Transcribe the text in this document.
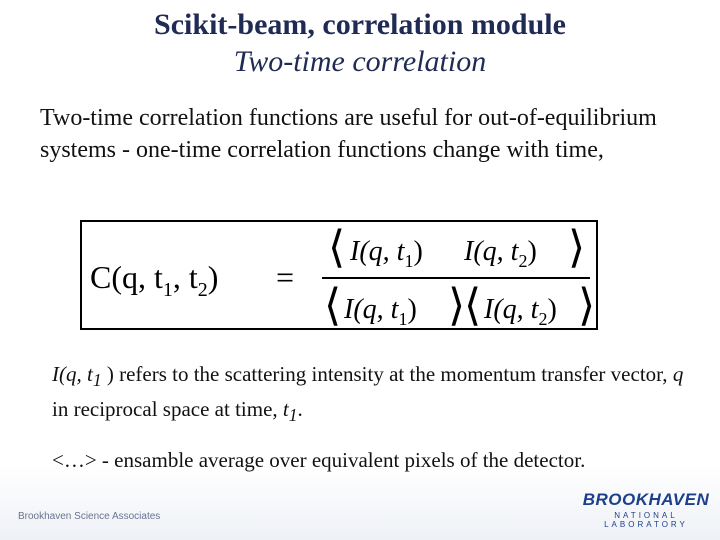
Scikit-beam, correlation module
Two-time correlation
Two-time correlation functions are useful for out-of-equilibrium systems - one-time correlation functions change with time,
C(q, $t_1$, $t_2$) =
⟨ I(q, $t_1$) I(q, $t_2$) ⟩
⟨ I(q, $t_1$) ⟩
⟨ I(q, $t_2$) ⟩
I(q, $t_1$ ) refers to the scattering intensity at the momentum transfer vector, q in reciprocal space at time, $t_1$.
<…> - ensamble average over equivalent pixels of the detector.
Brookhaven Science Associates
BROOKHAVEN
NATIONAL LABORATORY
